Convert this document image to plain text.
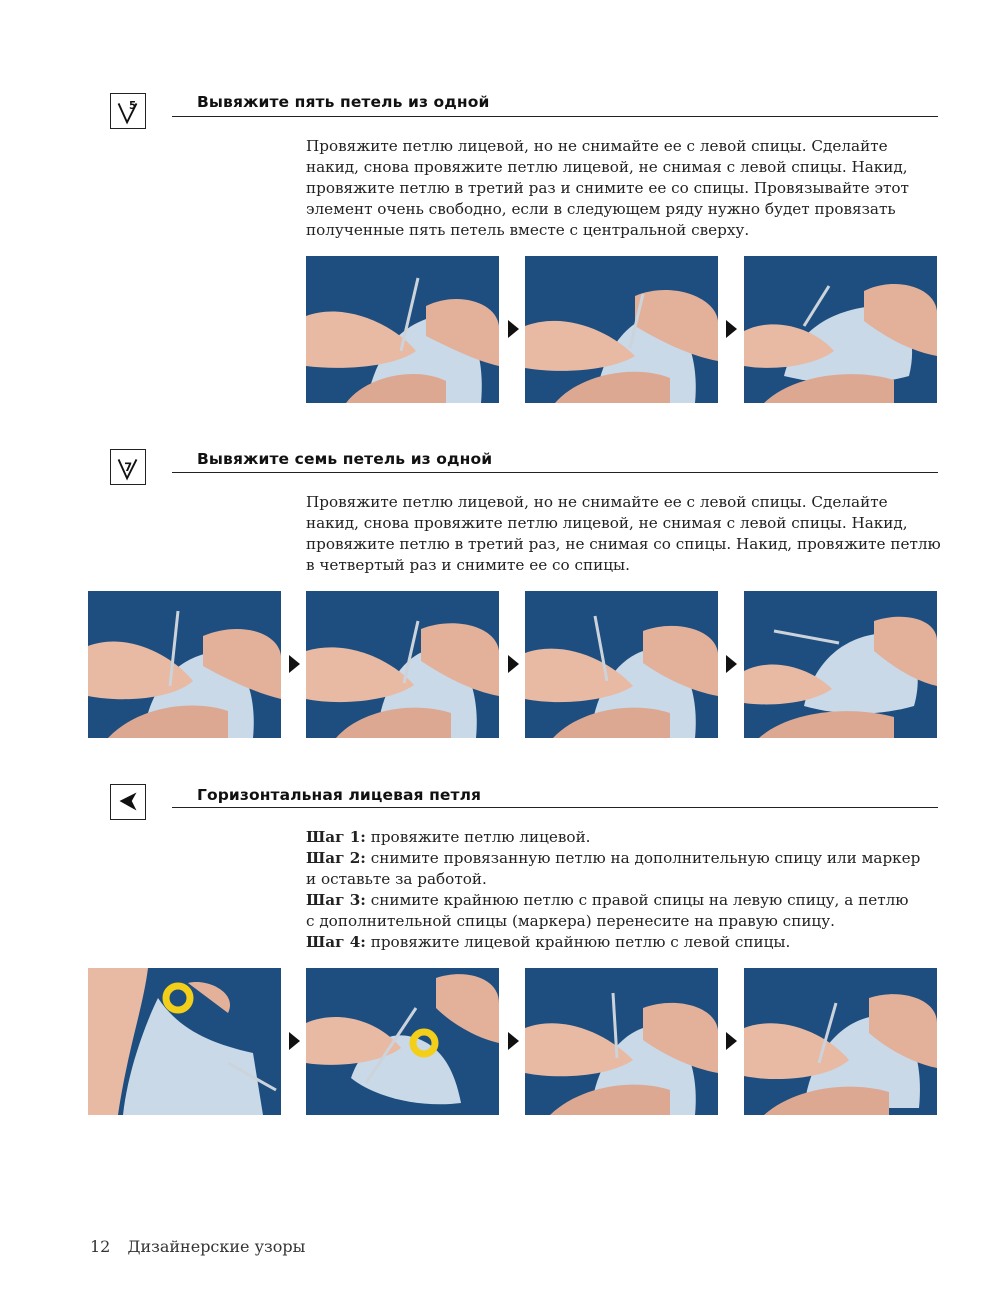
5	Вывяжите пять петель из одной

Провяжите петлю лицевой, но не снимайте ее с левой спицы. Сделайте

накид, снова провяжите петлю лицевой, не снимая с левой спицы. Накид,

провяжите петлю в третий раз и снимите ее со спицы. Провязывайте этот

элемент очень свободно, если в следующем ряду нужно будет провязать

полученные пять петель вместе с центральной сверху.

7	Вывяжите семь петель из одной

Провяжите петлю лицевой, но не снимайте ее с левой спицы. Сделайте

накид, снова провяжите петлю лицевой, не снимая с левой спицы. Накид,

провяжите петлю в третий раз, не снимая со спицы. Накид, провяжите петлю

в четвертый раз и снимите ее со спицы.

Горизонтальная лицевая петля

Шаг 1: провяжите петлю лицевой.

Шаг 2: снимите провязанную петлю на дополнительную спицу или маркер

и оставьте за работой.

Шаг 3: снимите крайнюю петлю с правой спицы на левую спицу, а петлю

с дополнительной спицы (маркера) перенесите на правую спицу.

Шаг 4: провяжите лицевой крайнюю петлю с левой спицы.

12 Дизайнерские узоры
